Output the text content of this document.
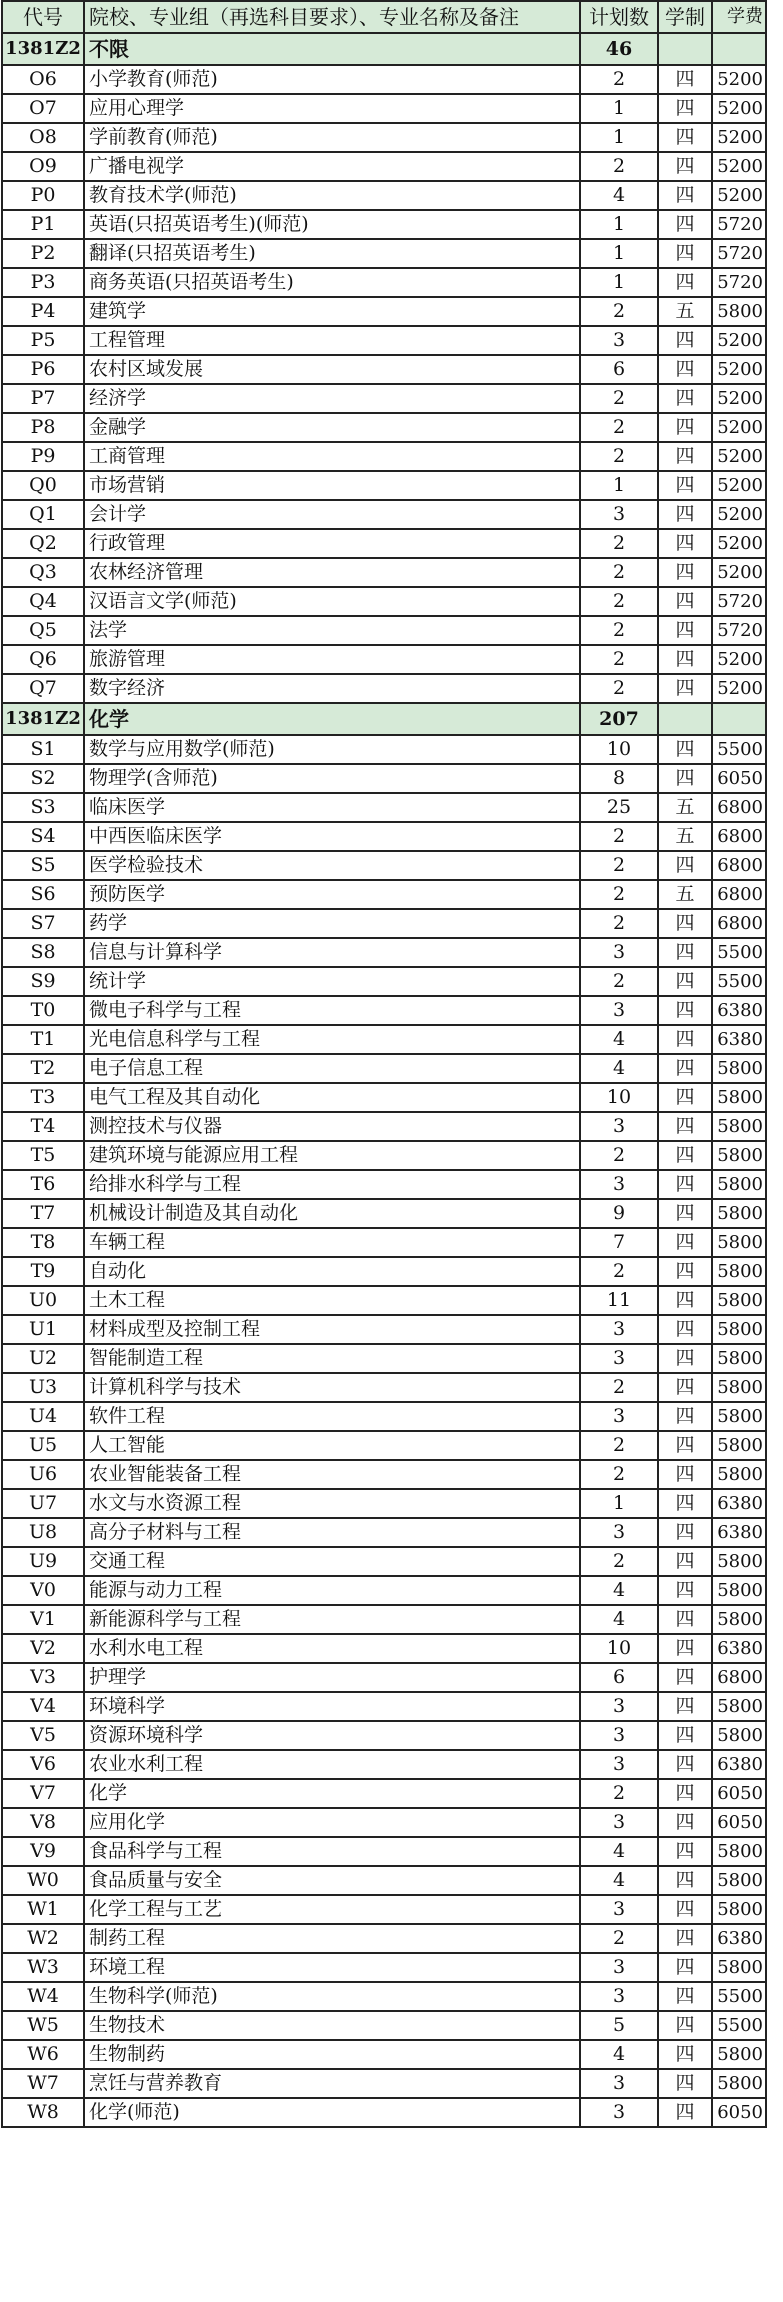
代号	院校、专业组（再选科目要求）、专业名称及备注	计划数	学制	学费
1381Z2	不限	46		
O6	小学教育(师范)	2	四	5200
O7	应用心理学	1	四	5200
O8	学前教育(师范)	1	四	5200
O9	广播电视学	2	四	5200
P0	教育技术学(师范)	4	四	5200
P1	英语(只招英语考生)(师范)	1	四	5720
P2	翻译(只招英语考生)	1	四	5720
P3	商务英语(只招英语考生)	1	四	5720
P4	建筑学	2	五	5800
P5	工程管理	3	四	5200
P6	农村区域发展	6	四	5200
P7	经济学	2	四	5200
P8	金融学	2	四	5200
P9	工商管理	2	四	5200
Q0	市场营销	1	四	5200
Q1	会计学	3	四	5200
Q2	行政管理	2	四	5200
Q3	农林经济管理	2	四	5200
Q4	汉语言文学(师范)	2	四	5720
Q5	法学	2	四	5720
Q6	旅游管理	2	四	5200
Q7	数字经济	2	四	5200
1381Z2	化学	207		
S1	数学与应用数学(师范)	10	四	5500
S2	物理学(含师范)	8	四	6050
S3	临床医学	25	五	6800
S4	中西医临床医学	2	五	6800
S5	医学检验技术	2	四	6800
S6	预防医学	2	五	6800
S7	药学	2	四	6800
S8	信息与计算科学	3	四	5500
S9	统计学	2	四	5500
T0	微电子科学与工程	3	四	6380
T1	光电信息科学与工程	4	四	6380
T2	电子信息工程	4	四	5800
T3	电气工程及其自动化	10	四	5800
T4	测控技术与仪器	3	四	5800
T5	建筑环境与能源应用工程	2	四	5800
T6	给排水科学与工程	3	四	5800
T7	机械设计制造及其自动化	9	四	5800
T8	车辆工程	7	四	5800
T9	自动化	2	四	5800
U0	土木工程	11	四	5800
U1	材料成型及控制工程	3	四	5800
U2	智能制造工程	3	四	5800
U3	计算机科学与技术	2	四	5800
U4	软件工程	3	四	5800
U5	人工智能	2	四	5800
U6	农业智能装备工程	2	四	5800
U7	水文与水资源工程	1	四	6380
U8	高分子材料与工程	3	四	6380
U9	交通工程	2	四	5800
V0	能源与动力工程	4	四	5800
V1	新能源科学与工程	4	四	5800
V2	水利水电工程	10	四	6380
V3	护理学	6	四	6800
V4	环境科学	3	四	5800
V5	资源环境科学	3	四	5800
V6	农业水利工程	3	四	6380
V7	化学	2	四	6050
V8	应用化学	3	四	6050
V9	食品科学与工程	4	四	5800
W0	食品质量与安全	4	四	5800
W1	化学工程与工艺	3	四	5800
W2	制药工程	2	四	6380
W3	环境工程	3	四	5800
W4	生物科学(师范)	3	四	5500
W5	生物技术	5	四	5500
W6	生物制药	4	四	5800
W7	烹饪与营养教育	3	四	5800
W8	化学(师范)	3	四	6050
